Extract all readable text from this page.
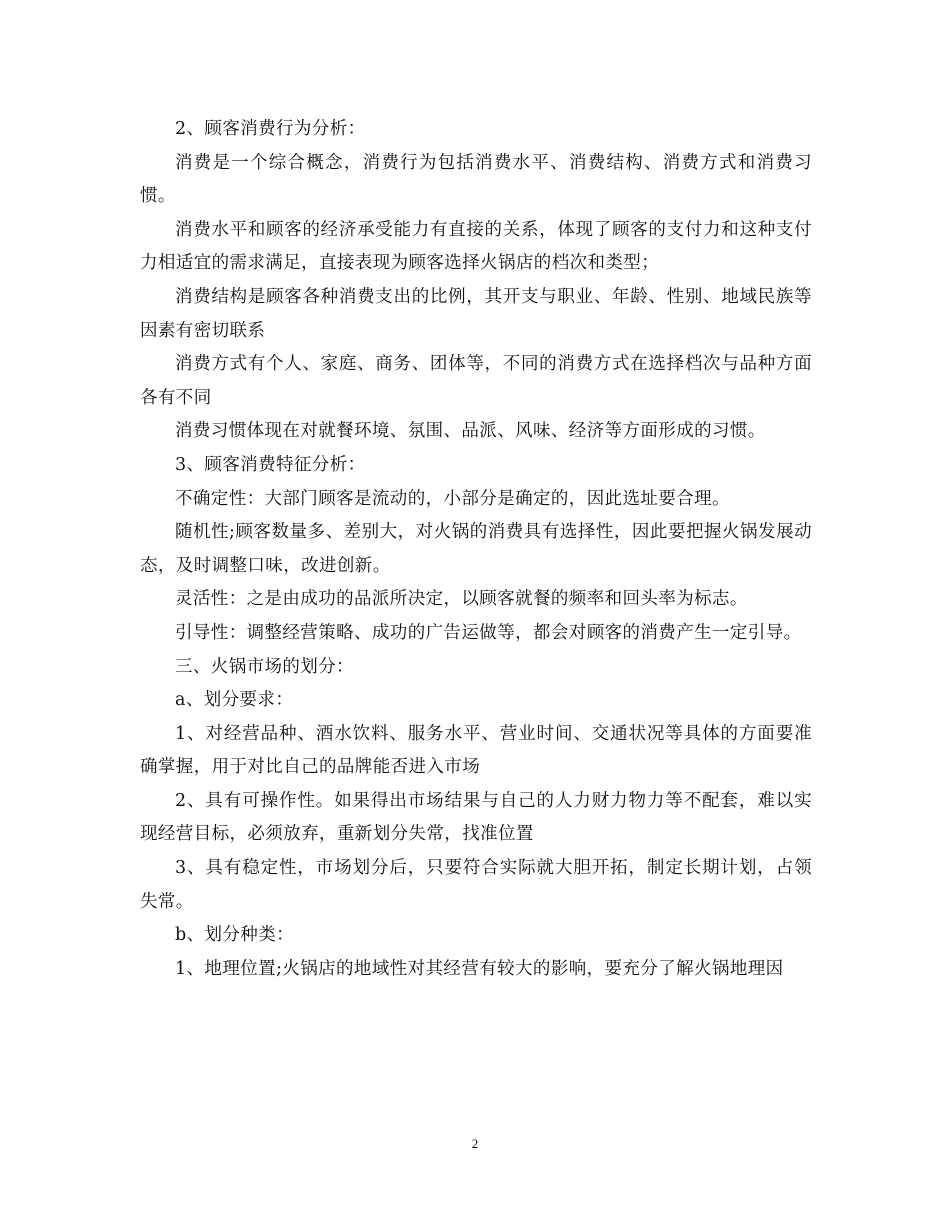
2、顾客消费行为分析：

消费是一个综合概念，消费行为包括消费水平、消费结构、消费方式和消费习惯。

消费水平和顾客的经济承受能力有直接的关系，体现了顾客的支付力和这种支付力相适宜的需求满足，直接表现为顾客选择火锅店的档次和类型；

消费结构是顾客各种消费支出的比例，其开支与职业、年龄、性别、地域民族等因素有密切联系

消费方式有个人、家庭、商务、团体等，不同的消费方式在选择档次与品种方面各有不同

消费习惯体现在对就餐环境、氛围、品派、风味、经济等方面形成的习惯。

3、顾客消费特征分析：

不确定性：大部门顾客是流动的，小部分是确定的，因此选址要合理。

随机性;顾客数量多、差别大，对火锅的消费具有选择性，因此要把握火锅发展动态，及时调整口味，改进创新。

灵活性：之是由成功的品派所决定，以顾客就餐的频率和回头率为标志。

引导性：调整经营策略、成功的广告运做等，都会对顾客的消费产生一定引导。

三、火锅市场的划分：

a、划分要求：

1、对经营品种、酒水饮料、服务水平、营业时间、交通状况等具体的方面要准确掌握，用于对比自己的品牌能否进入市场

2、具有可操作性。如果得出市场结果与自己的人力财力物力等不配套，难以实现经营目标，必须放弃，重新划分失常，找准位置

3、具有稳定性，市场划分后，只要符合实际就大胆开拓，制定长期计划，占领失常。

b、划分种类：

1、地理位置;火锅店的地域性对其经营有较大的影响，要充分了解火锅地理因

2
